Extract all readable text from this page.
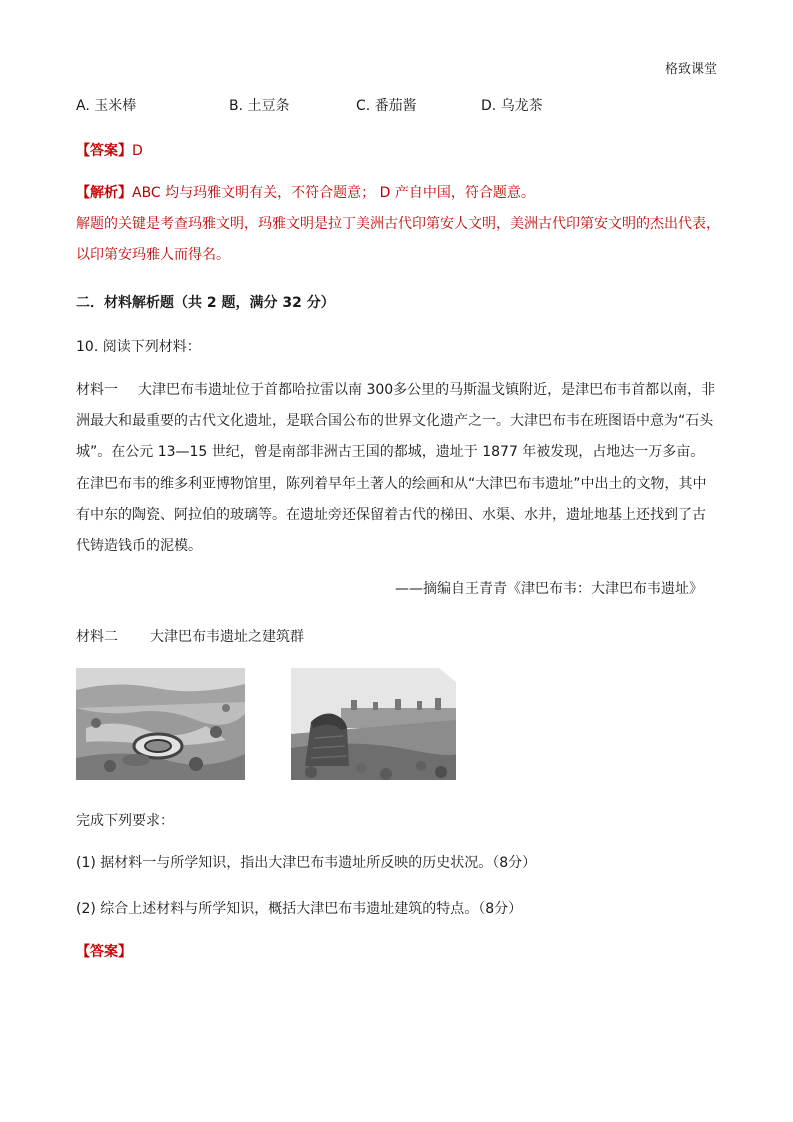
格致课堂
A. 玉米棒	B. 土豆条	C. 番茄酱	D. 乌龙茶
【答案】D
【解析】ABC 均与玛雅文明有关，不符合题意； D 产自中国，符合题意。
解题的关键是考查玛雅文明，玛雅文明是拉丁美洲古代印第安人文明，美洲古代印第安文明的杰出代表，
以印第安玛雅人而得名。
二．材料解析题（共 2 题，满分 32 分）
10. 阅读下列材料：
材料一 大津巴布韦遗址位于首都哈拉雷以南 300多公里的马斯温戈镇附近，是津巴布韦首都以南，非洲最大和最重要的古代文化遗址，是联合国公布的世界文化遗产之一。大津巴布韦在班图语中意为“石头城”。在公元 13—15 世纪，曾是南部非洲古王国的都城，遗址于 1877 年被发现，占地达一万多亩。在津巴布韦的维多利亚博物馆里，陈列着早年土著人的绘画和从“大津巴布韦遗址”中出土的文物，其中有中东的陶瓷、阿拉伯的玻璃等。在遗址旁还保留着古代的梯田、水渠、水井，遗址地基上还找到了古代铸造钱币的泥模。
——摘编自王青青《津巴布韦：大津巴布韦遗址》
材料二 大津巴布韦遗址之建筑群
完成下列要求：
(1) 据材料一与所学知识，指出大津巴布韦遗址所反映的历史状况。（8分）
(2) 综合上述材料与所学知识，概括大津巴布韦遗址建筑的特点。（8分）
【答案】
